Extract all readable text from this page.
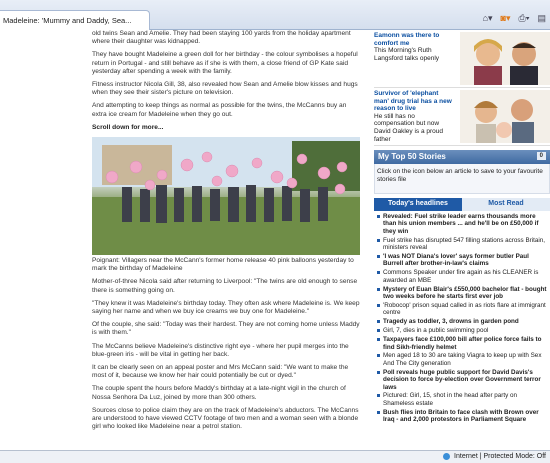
Madeleine: 'Mummy and Daddy, Sea...	⌂▾ ◙▾ ⎙▾ ▤

old twins Sean and Amelie. They had been staying 100 yards from the holiday apartment where their daughter was kidnapped.

They have bought Madeleine a green doll for her birthday - the colour symbolises a hopeful return in Portugal - and still behave as if she is with them, a close friend of GP Kate said yesterday after spending a week with the family.

Fitness instructor Nicola Gill, 38, also revealed how Sean and Amelie blow kisses and hugs when they see their sister's picture on television.

And attempting to keep things as normal as possible for the twins, the McCanns buy an extra ice cream for Madeleine when they go out.

Scroll down for more...

Poignant: Villagers near the McCann's former home release 40 pink balloons yesterday to mark the birthday of Madeleine

Mother-of-three Nicola said after returning to Liverpool: "The twins are old enough to sense there is something going on.

"They knew it was Madeleine's birthday today. They often ask where Madeleine is. We keep saying her name and when we buy ice creams we buy one for Madeleine."

Of the couple, she said: "Today was their hardest. They are not coming home unless Maddy is with them."

The McCanns believe Madeleine's distinctive right eye - where her pupil merges into the blue-green iris - will be vital in getting her back.

It can be clearly seen on an appeal poster and Mrs McCann said: "We want to make the most of it, because we know her hair could potentially be cut or dyed."

The couple spent the hours before Maddy's birthday at a late-night vigil in the church of Nossa Senhora Da Luz, joined by more than 300 others.

Sources close to police claim they are on the track of Madeleine's abductors. The McCanns are understood to have viewed CCTV footage of two men and a woman seen with a blonde girl who looked like Madeleine near a petrol station.

Eamonn was there to comfort me
This Morning's Ruth Langsford talks openly
Survivor of 'elephant man' drug trial has a new reason to live
He still has no compensation but now David Oakley is a proud father
My Top 50 Stories	0
Click on the icon below an article to save to your favourite stories file
Today's headlines	Most Read
Revealed: Fuel strike leader earns thousands more than his union members ... and he'll be on £50,000 if they win
Fuel strike has disrupted 547 filling stations across Britain, ministers reveal
'I was NOT Diana's lover' says former butler Paul Burrell after brother-in-law's claims
Commons Speaker under fire again as his CLEANER is awarded an MBE
Mystery of Euan Blair's £550,000 bachelor flat - bought two weeks before he starts first ever job
'Robocop' prison squad called in as riots flare at immigrant centre
Tragedy as toddler, 3, drowns in garden pond
Girl, 7, dies in a public swimming pool
Taxpayers face £100,000 bill after police force fails to find Sikh-friendly helmet
Men aged 18 to 30 are taking Viagra to keep up with Sex And The City generation
Poll reveals huge public support for David Davis's decision to force by-election over Government terror laws
Pictured: Girl, 15, shot in the head after party on Shameless estate
Bush flies into Britain to face clash with Brown over Iraq - and 2,000 protestors in Parliament Square
Internet | Protected Mode: Off
